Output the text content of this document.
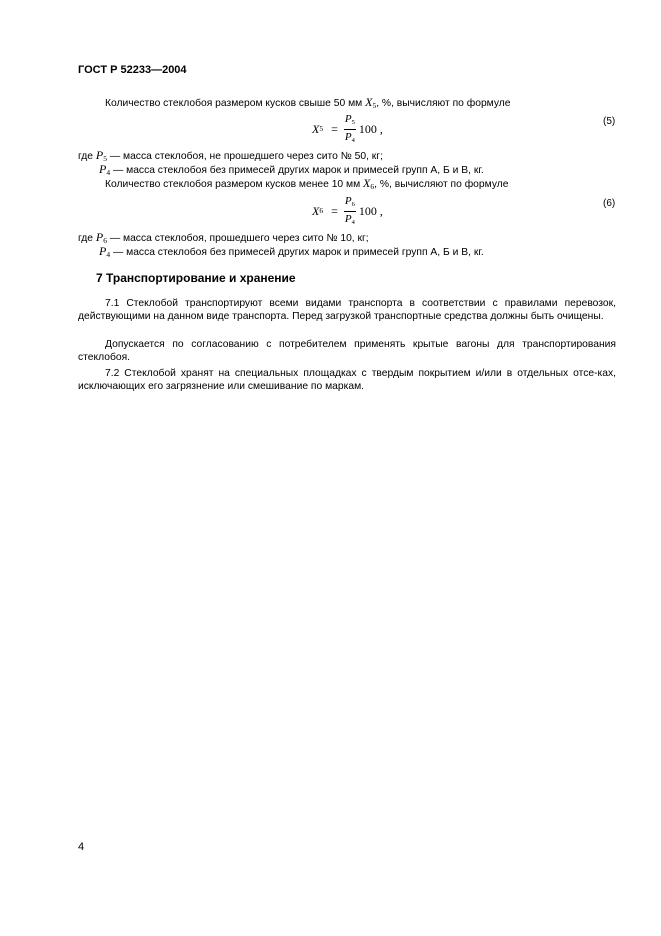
ГОСТ Р 52233—2004
Количество стеклобоя размером кусков свыше 50 мм $X_5$, %, вычисляют по формуле
X $5 = \frac{P5}{P4} 100$ ,
(5)
где $P_5$ — масса стеклобоя, не прошедшего через сито № 50, кг;
$P_4$ — масса стеклобоя без примесей других марок и примесей групп А, Б и В, кг.
Количество стеклобоя размером кусков менее 10 мм $X_6$, %, вычисляют по формуле
X $6 = \frac{P6}{P4} 100$ ,
(6)
где $P_6$ — масса стеклобоя, прошедшего через сито № 10, кг;
$P_4$ — масса стеклобоя без примесей других марок и примесей групп А, Б и В, кг.
7 Транспортирование и хранение
7.1 Стеклобой транспортируют всеми видами транспорта в соответствии с правилами перевозок, действующими на данном виде транспорта. Перед загрузкой транспортные средства должны быть очищены.
Допускается по согласованию с потребителем применять крытые вагоны для транспортирования стеклобоя.
7.2 Стеклобой хранят на специальных площадках с твердым покрытием и/или в отдельных отсе-ках, исключающих его загрязнение или смешивание по маркам.
4
